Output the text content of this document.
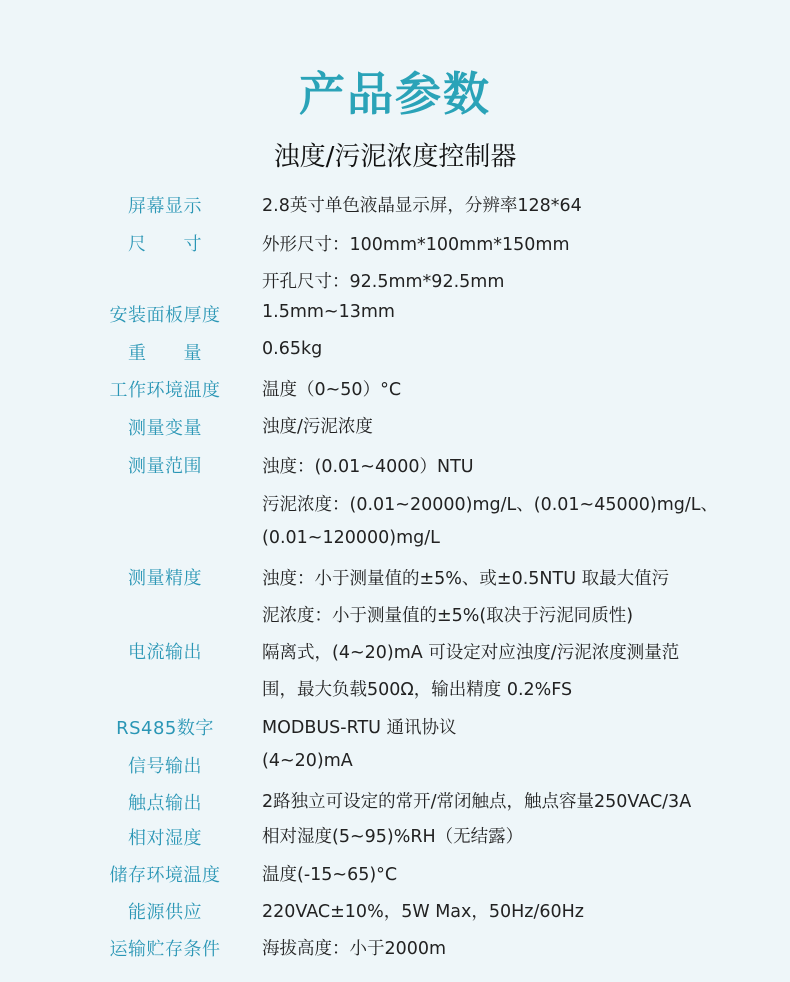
产品参数
浊度/污泥浓度控制器
屏幕显示	2.8英寸单色液晶显示屏，分辨率128*64
尺　　寸	外形尺寸：100mm*100mm*150mm
开孔尺寸：92.5mm*92.5mm
安装面板厚度	1.5mm~13mm
重　　量	0.65kg
工作环境温度	温度（0~50）°C
测量变量	浊度/污泥浓度
测量范围	浊度：(0.01~4000）NTU
污泥浓度：(0.01~20000)mg/L、(0.01~45000)mg/L、
(0.01~120000)mg/L
测量精度	浊度：小于测量值的±5%、或±0.5NTU 取最大值污
泥浓度：小于测量值的±5%(取决于污泥同质性)
电流输出	隔离式，(4~20)mA 可设定对应浊度/污泥浓度测量范
围，最大负载500Ω，输出精度 0.2%FS
RS485数字	MODBUS-RTU 通讯协议
信号输出	(4~20)mA
触点输出	2路独立可设定的常开/常闭触点，触点容量250VAC/3A
相对湿度	相对湿度(5~95)%RH（无结露）
储存环境温度	温度(-15~65)°C
能源供应	220VAC±10%，5W Max，50Hz/60Hz
运输贮存条件	海拔高度：小于2000m
